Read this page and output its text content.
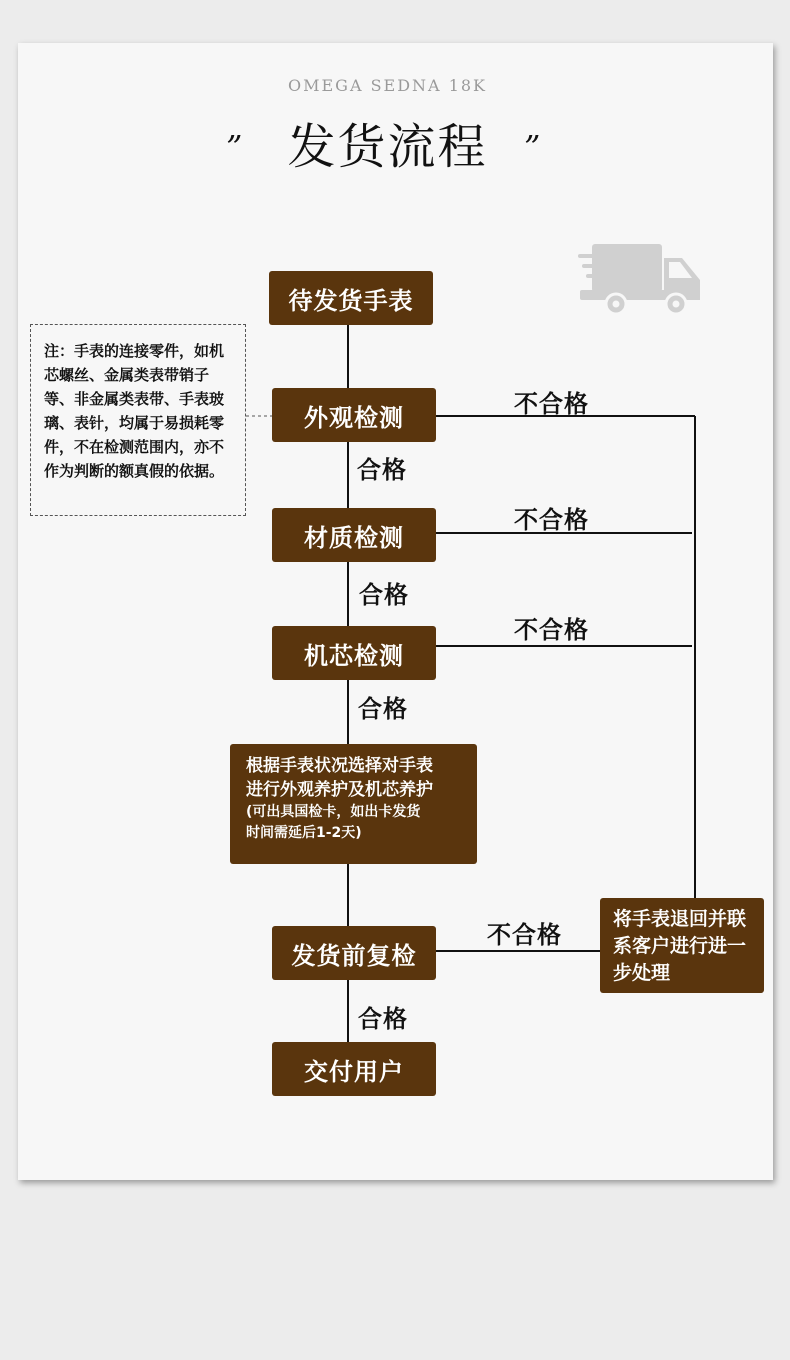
OMEGA SEDNA 18K
” 发货流程	”
注：手表的连接零件，如机芯螺丝、金属类表带销子等、非金属类表带、手表玻璃、表针，均属于易损耗零件，不在检测范围内，亦不作为判断的额真假的依据。
待发货手表
外观检测
材质检测
机芯检测
根据手表状况选择对手表
进行外观养护及机芯养护
(可出具国检卡，如出卡发货
时间需延后1-2天)
发货前复检
交付用户
将手表退回并联系客户进行进一步处理
合格
合格
合格
合格
不合格
不合格
不合格
不合格
